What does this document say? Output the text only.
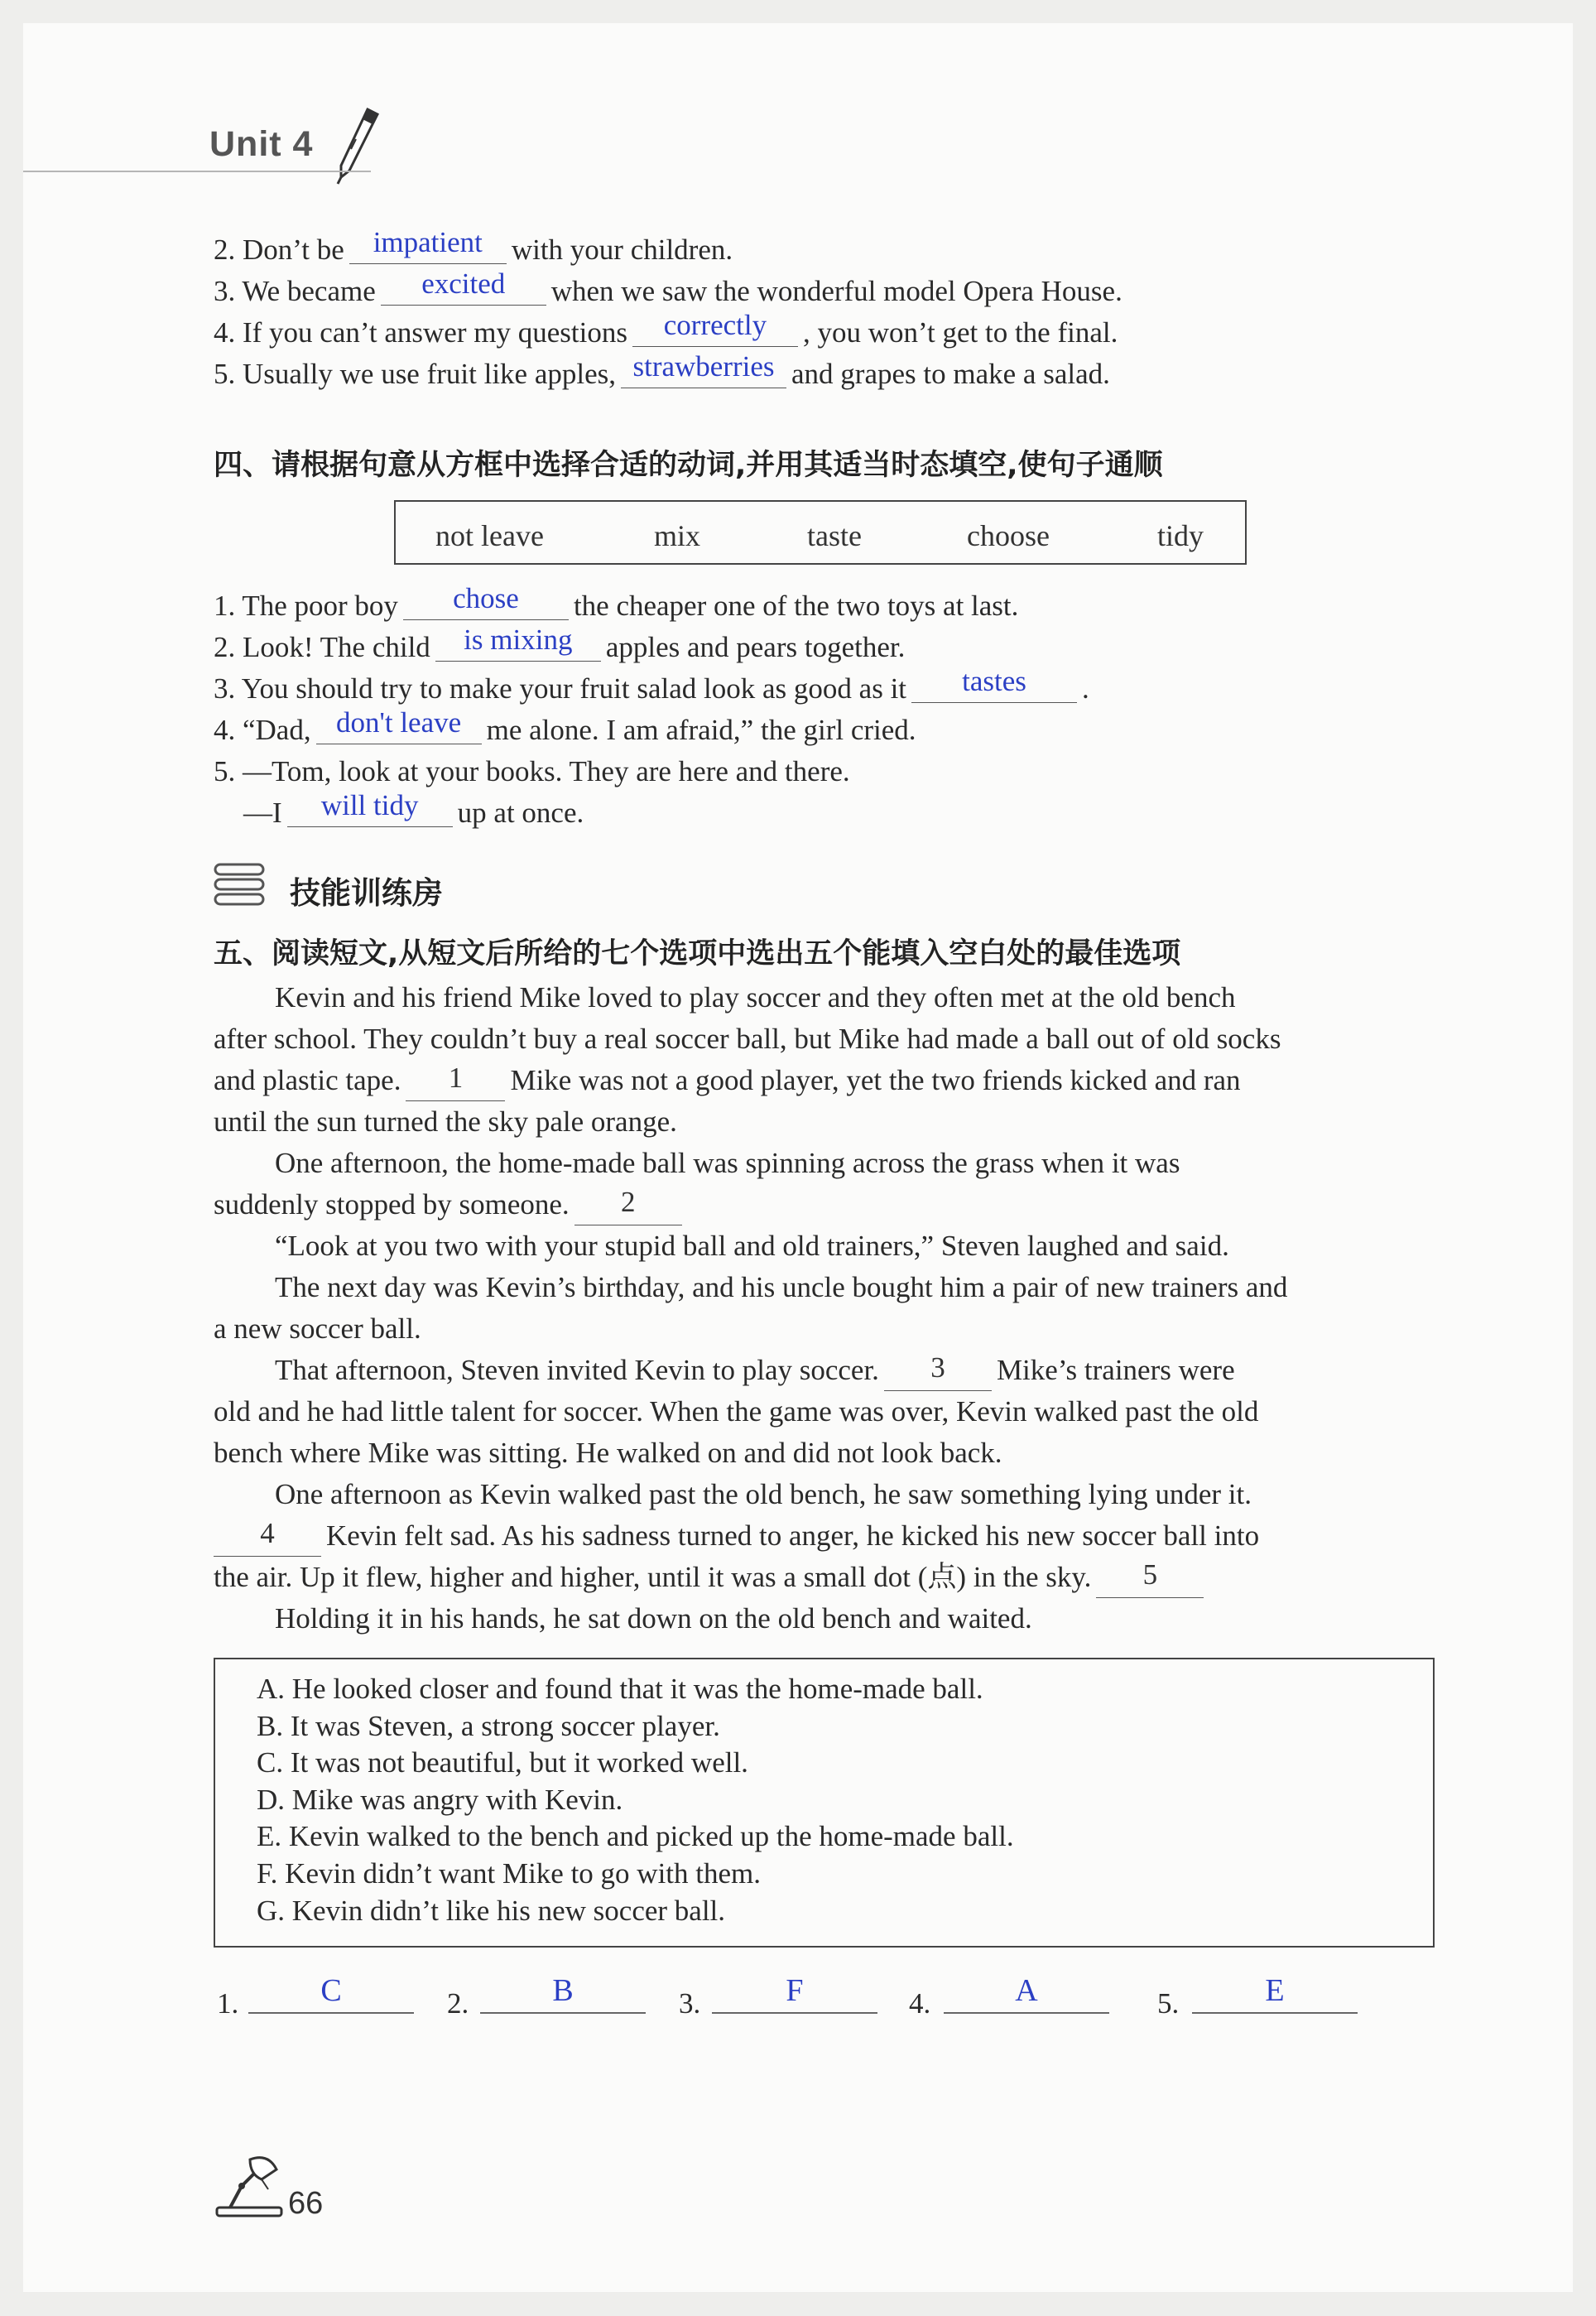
Unit 4
2. Don’t be impatient with your children.
3. We became	excited	when we saw the wonderful model Opera House.
4. If you can’t answer my questions	correctly	, you won’t get to the final.
5. Usually we use fruit like apples, strawberries and grapes to make a salad.
四、请根据句意从方框中选择合适的动词,并用其适当时态填空,使句子通顺
not leave	mix	taste	choose	tidy
1. The poor boy	chose	the cheaper one of the two toys at last.
2. Look! The child	is mixing	apples and pears together.
3. You should try to make your fruit salad look as good as it	tastes	.
4. “Dad, don't leave me alone. I am afraid,” the girl cried.
5. —Tom, look at your books. They are here and there.
—I	will tidy	up at once.
技能训练房
五、阅读短文,从短文后所给的七个选项中选出五个能填入空白处的最佳选项
Kevin and his friend Mike loved to play soccer and they often met at the old bench
after school. They couldn’t buy a real soccer ball, but Mike had made a ball out of old socks
and plastic tape.	1	Mike was not a good player, yet the two friends kicked and ran
until the sun turned the sky pale orange.
One afternoon, the home-made ball was spinning across the grass when it was
suddenly stopped by someone.	2
“Look at you two with your stupid ball and old trainers,” Steven laughed and said.
The next day was Kevin’s birthday, and his uncle bought him a pair of new trainers and
a new soccer ball.
That afternoon, Steven invited Kevin to play soccer.	3	Mike’s trainers were
old and he had little talent for soccer. When the game was over, Kevin walked past the old
bench where Mike was sitting. He walked on and did not look back.
One afternoon as Kevin walked past the old bench, he saw something lying under it.
4	Kevin felt sad. As his sadness turned to anger, he kicked his new soccer ball into
the air. Up it flew, higher and higher, until it was a small dot (点) in the sky.	5
Holding it in his hands, he sat down on the old bench and waited.
A. He looked closer and found that it was the home-made ball.
B. It was Steven, a strong soccer player.
C. It was not beautiful, but it worked well.
D. Mike was angry with Kevin.
E. Kevin walked to the bench and picked up the home-made ball.
F. Kevin didn’t want Mike to go with them.
G. Kevin didn’t like his new soccer ball.
1.	C	2.	B	3.	F	4.	A	5.	E
66
